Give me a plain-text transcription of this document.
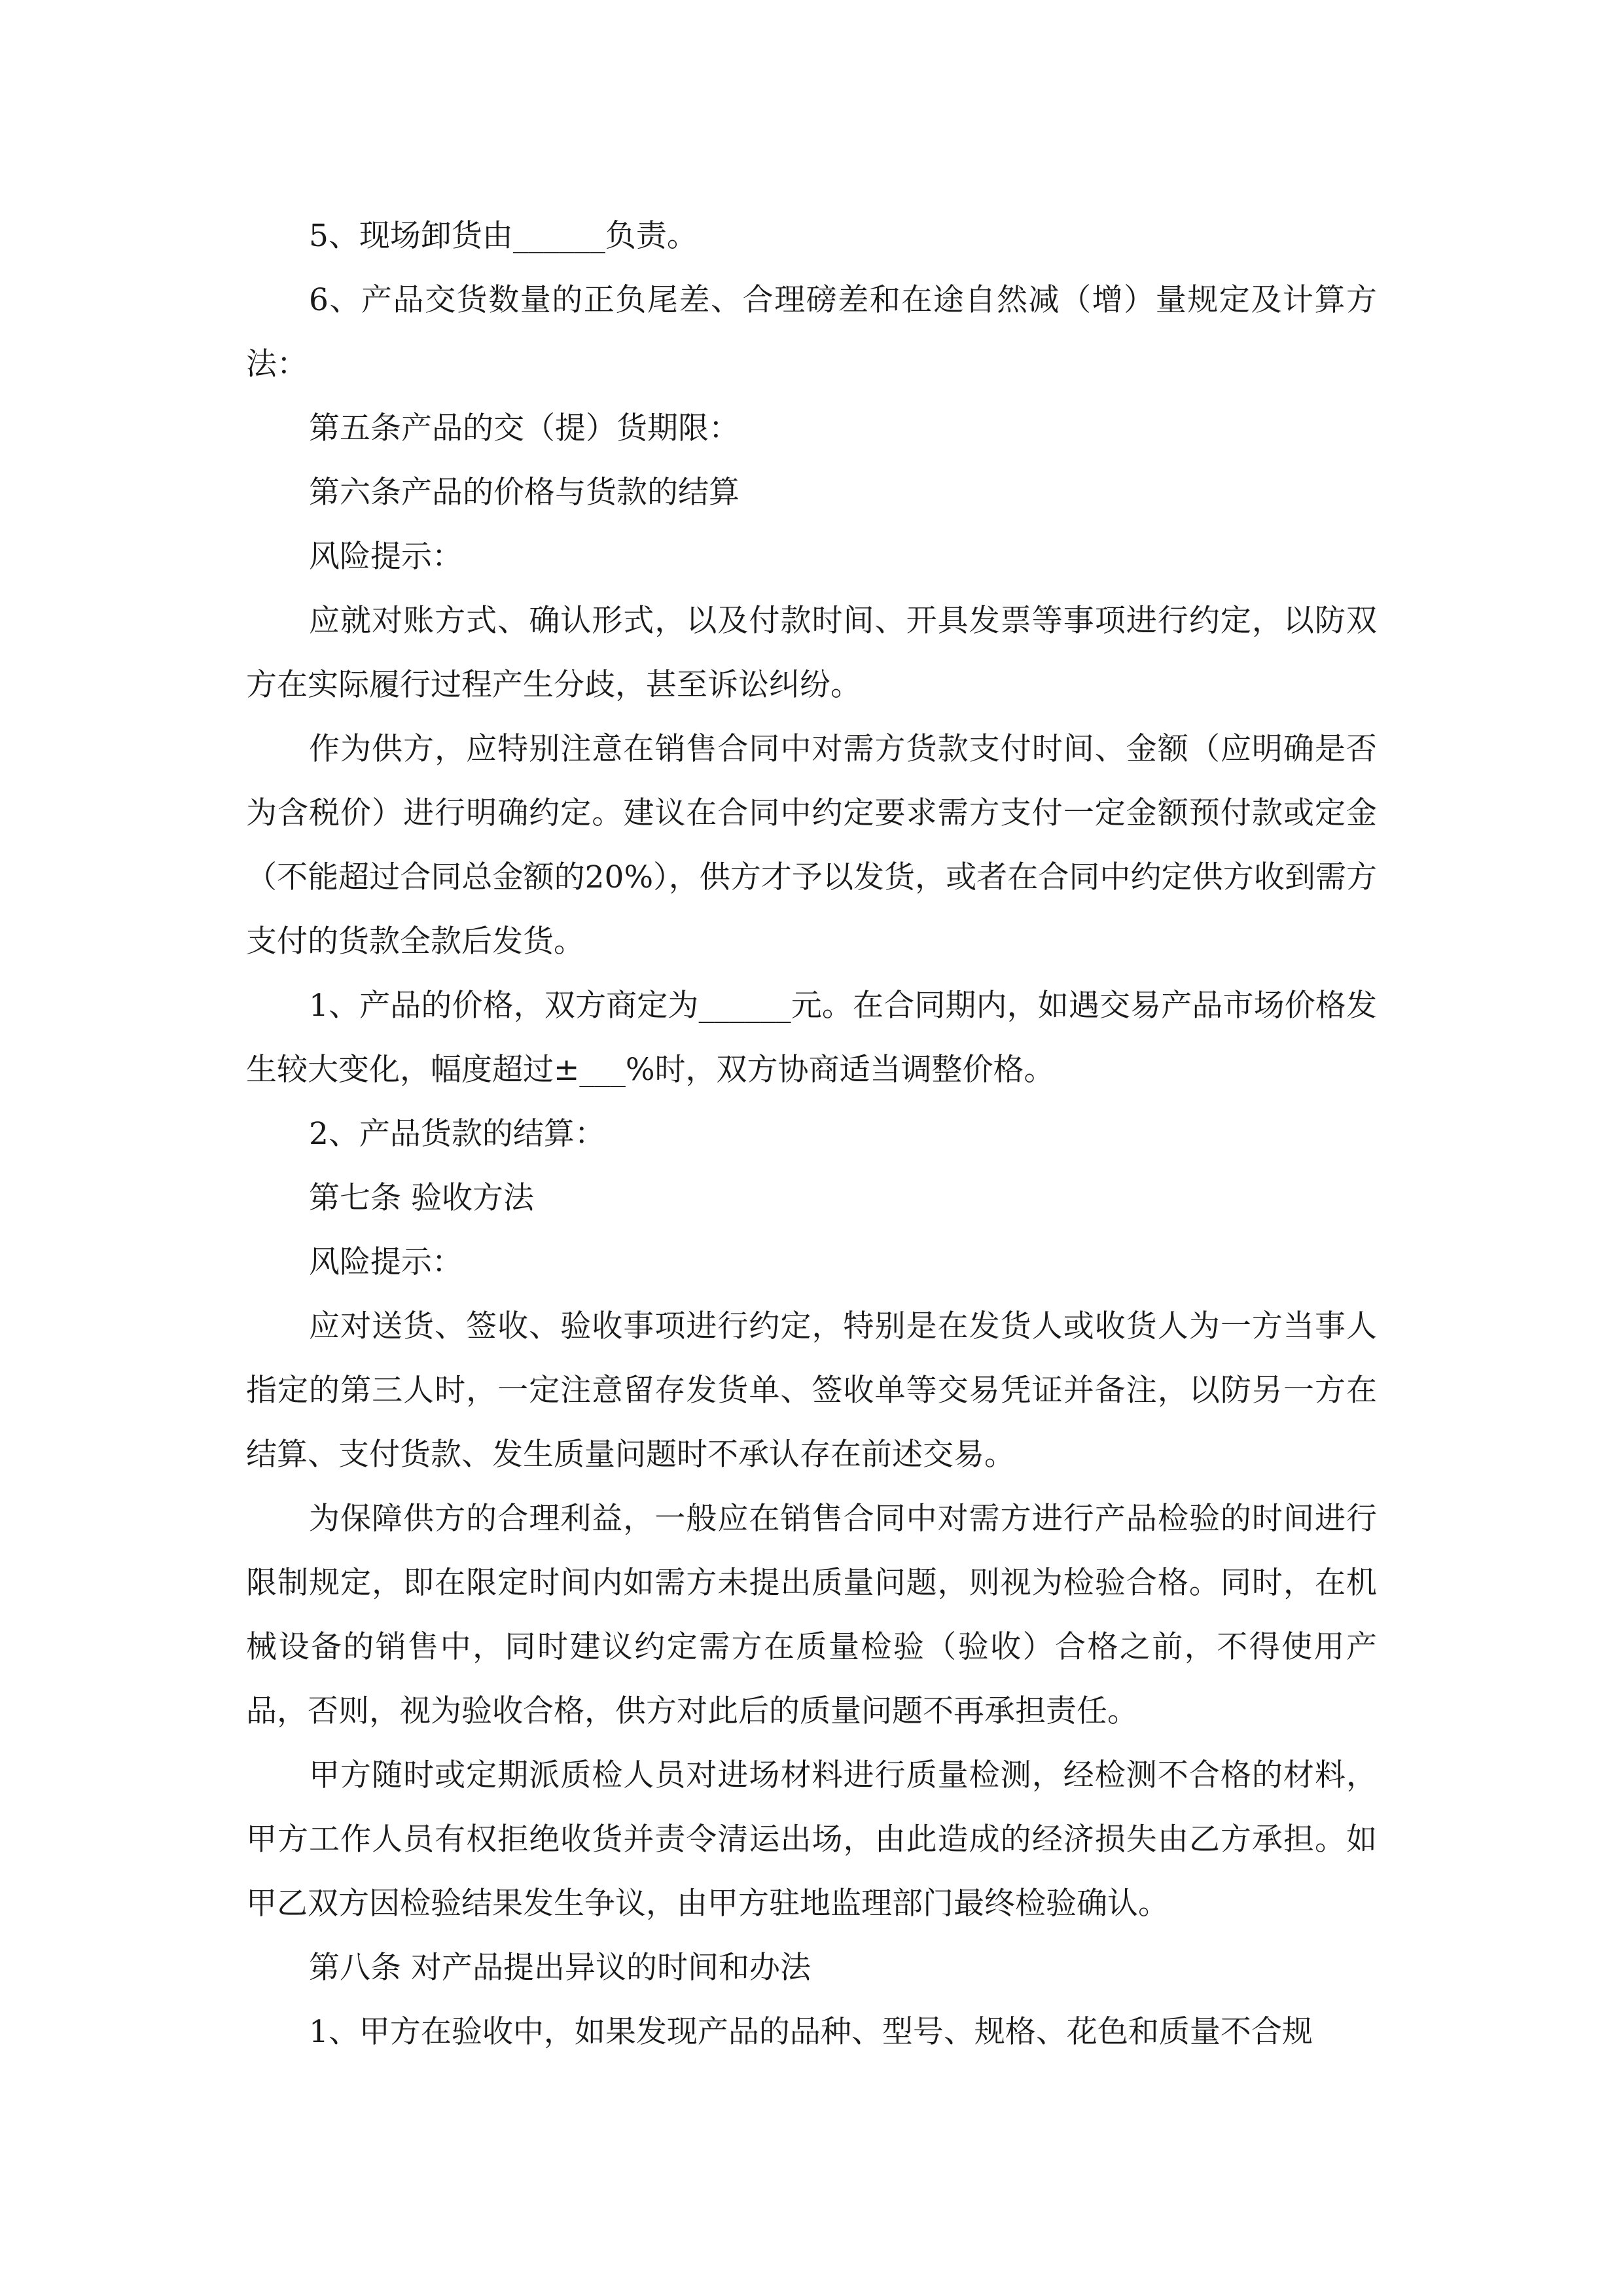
5、现场卸货由______负责。

6、产品交货数量的正负尾差、合理磅差和在途自然减（增）量规定及计算方法：

第五条产品的交（提）货期限：

第六条产品的价格与货款的结算

风险提示：

应就对账方式、确认形式，以及付款时间、开具发票等事项进行约定，以防双方在实际履行过程产生分歧，甚至诉讼纠纷。

作为供方，应特别注意在销售合同中对需方货款支付时间、金额（应明确是否为含税价）进行明确约定。建议在合同中约定要求需方支付一定金额预付款或定金（不能超过合同总金额的20%），供方才予以发货，或者在合同中约定供方收到需方支付的货款全款后发货。

1、产品的价格，双方商定为______元。在合同期内，如遇交易产品市场价格发生较大变化，幅度超过±___%时，双方协商适当调整价格。

2、产品货款的结算：

第七条 验收方法

风险提示：

应对送货、签收、验收事项进行约定，特别是在发货人或收货人为一方当事人指定的第三人时，一定注意留存发货单、签收单等交易凭证并备注，以防另一方在结算、支付货款、发生质量问题时不承认存在前述交易。

为保障供方的合理利益，一般应在销售合同中对需方进行产品检验的时间进行限制规定，即在限定时间内如需方未提出质量问题，则视为检验合格。同时，在机械设备的销售中，同时建议约定需方在质量检验（验收）合格之前，不得使用产品，否则，视为验收合格，供方对此后的质量问题不再承担责任。

甲方随时或定期派质检人员对进场材料进行质量检测，经检测不合格的材料，甲方工作人员有权拒绝收货并责令清运出场，由此造成的经济损失由乙方承担。如甲乙双方因检验结果发生争议，由甲方驻地监理部门最终检验确认。

第八条 对产品提出异议的时间和办法

1、甲方在验收中，如果发现产品的品种、型号、规格、花色和质量不合规
